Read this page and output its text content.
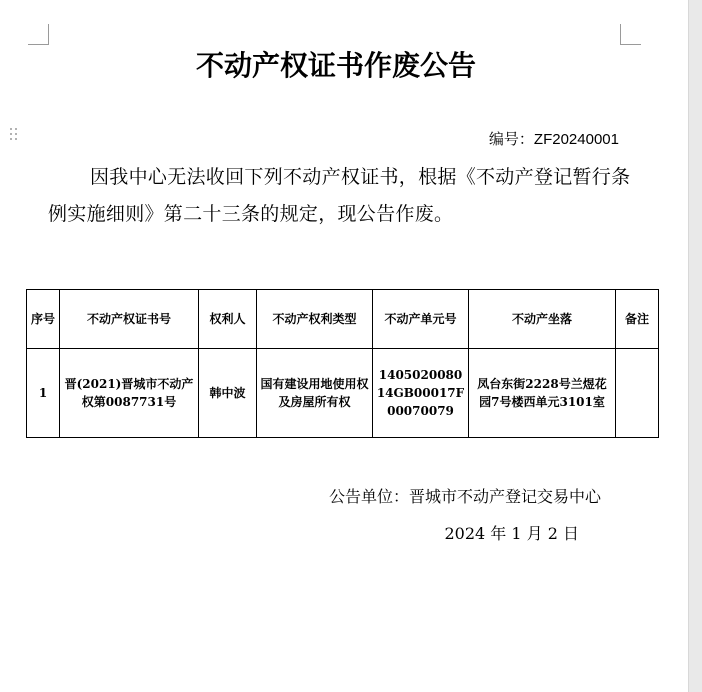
不动产权证书作废公告
编号：ZF20240001
因我中心无法收回下列不动产权证书，根据《不动产登记暂行条例实施细则》第二十三条的规定，现公告作废。
序号	不动产权证书号	权利人	不动产权利类型	不动产单元号	不动产坐落	备注
1	晋(2021)晋城市不动产权第0087731号	韩中波	国有建设用地使用权及房屋所有权	140502008014GB00017F00070079	凤台东街2228号兰煜花园7号楼西单元3101室	
公告单位：晋城市不动产登记交易中心
2024 年 1 月 2 日
